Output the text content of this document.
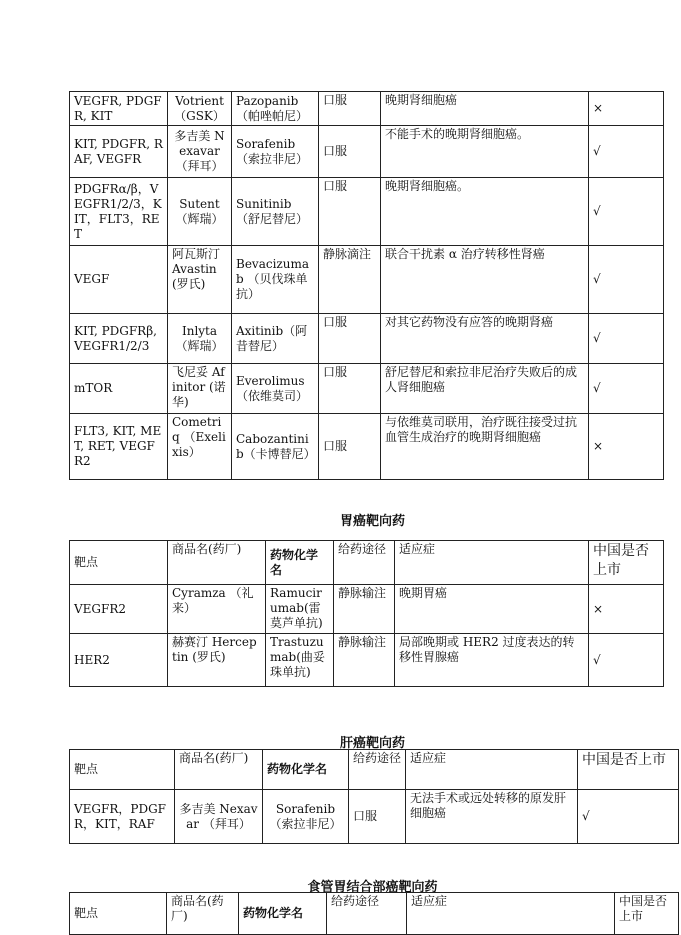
VEGFR, PDGFR, KIT	Votrient （GSK）	Pazopanib（帕唑帕尼）	口服	晚期肾细胞癌	×
KIT, PDGFR, RAF, VEGFR	多吉美 Nexavar （拜耳）	Sorafenib（索拉非尼）	口服	不能手术的晚期肾细胞癌。	√
PDGFRα/β，VEGFR1/2/3，KIT，FLT3，RET	Sutent （辉瑞）	Sunitinib（舒尼替尼）	口服	晚期肾细胞癌。	√
VEGF	阿瓦斯汀 Avastin (罗氏)	Bevacizumab （贝伐珠单抗）	静脉滴注	联合干扰素 α 治疗转移性肾癌	√
KIT, PDGFRβ, VEGFR1/2/3	Inlyta （辉瑞）	Axitinib（阿昔替尼）	口服	对其它药物没有应答的晚期肾癌	√
mTOR	飞尼妥 Afinitor (诺华)	Everolimus （依维莫司）	口服	舒尼替尼和索拉非尼治疗失败后的成人肾细胞癌	√
FLT3, KIT, MET, RET, VEGFR2	Cometriq （Exelixis）	Cabozantinib（卡博替尼）	口服	与依维莫司联用，治疗既往接受过抗血管生成治疗的晚期肾细胞癌	×
胃癌靶向药
靶点	商品名(药厂)	药物化学名	给药途径	适应症	中国是否上市
VEGFR2	Cyramza （礼来）	Ramucirumab(雷莫芦单抗)	静脉输注	晚期胃癌	×
HER2	赫赛汀 Herceptin (罗氏)	Trastuzumab(曲妥珠单抗)	静脉输注	局部晚期或 HER2 过度表达的转移性胃腺癌	√
肝癌靶向药
靶点	商品名(药厂)	药物化学名	给药途径	适应症	中国是否上市
VEGFR，PDGFR，KIT，RAF	多吉美 Nexavar （拜耳）	Sorafenib （索拉非尼）	口服	无法手术或远处转移的原发肝细胞癌	√
食管胃结合部癌靶向药
靶点	商品名(药厂)	药物化学名	给药途径	适应症	中国是否上市
